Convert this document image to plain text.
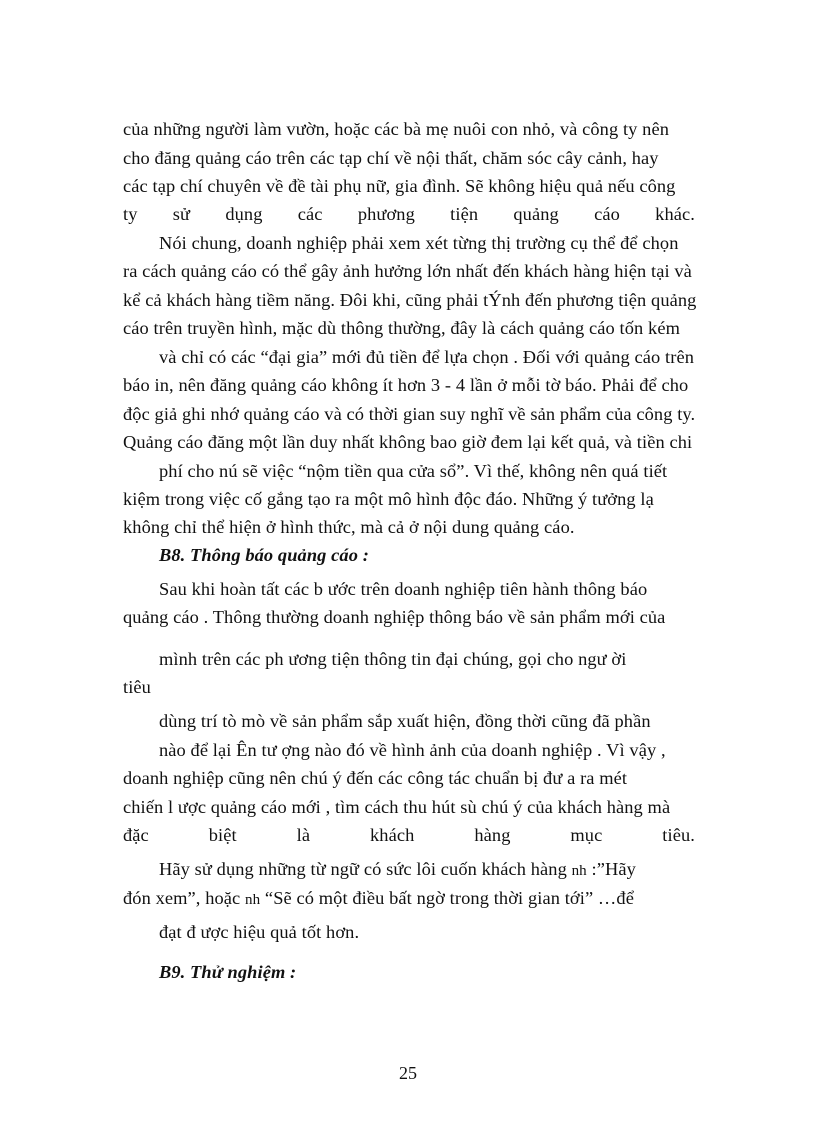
của những người làm vườn, hoặc các bà mẹ nuôi con nhỏ, và công ty nên

cho đăng quảng cáo trên các tạp chí về nội thất, chăm sóc cây cảnh, hay

các tạp chí chuyên về đề tài phụ nữ, gia đình. Sẽ không hiệu quả nếu công

ty sử dụng các phương tiện quảng cáo khác.

Nói chung, doanh nghiệp phải xem xét từng thị trường cụ thể để chọn

ra cách quảng cáo có thể gây ảnh hưởng lớn nhất đến khách hàng hiện tại và

kể cả khách hàng tiềm năng. Đôi khi, cũng phải tÝnh đến phương tiện quảng

cáo trên truyền hình, mặc dù thông thường, đây là cách quảng cáo tốn kém

và chỉ có các “đại gia” mới đủ tiền để lựa chọn . Đối với quảng cáo trên

báo in, nên đăng quảng cáo không ít hơn 3 - 4 lần ở mỗi tờ báo. Phải để cho

độc giả ghi nhớ quảng cáo và có thời gian suy nghĩ về sản phẩm của công ty.

Quảng cáo đăng một lần duy nhất không bao giờ đem lại kết quả, và tiền chi

phí cho nú sẽ việc “nộm tiền qua cửa sổ”. Vì thế, không nên quá tiết

kiệm trong việc cố gắng tạo ra một mô hình độc đáo. Những ý tưởng lạ

không chỉ thể hiện ở hình thức, mà cả ở nội dung quảng cáo.

B8. Thông báo quảng cáo :

Sau khi hoàn tất các b ước trên doanh nghiệp tiên hành thông báo

quảng cáo . Thông thường doanh nghiệp thông báo về sản phẩm mới của

mình trên các ph ương tiện thông tin đại chúng, gọi cho ngư ời

tiêu

dùng trí tò mò về sản phẩm sắp xuất hiện, đồng thời cũng đã phần

nào để lại Ên tư ợng nào đó về hình ảnh của doanh nghiệp . Vì vậy ,

doanh nghiệp cũng nên chú ý đến các công tác chuẩn bị đư a ra mét

chiến l ược quảng cáo mới , tìm cách thu hút sù chú ý của khách hàng mà

đặc	biệt	là	khách	hàng	mục	tiêu.

Hãy sử dụng những từ ngữ có sức lôi cuốn khách hàng nh :”Hãy

đón xem”, hoặc nh “Sẽ có một điều bất ngờ trong thời gian tới” …để

đạt đ ược hiệu quả tốt hơn.

B9. Thử nghiệm :

25
